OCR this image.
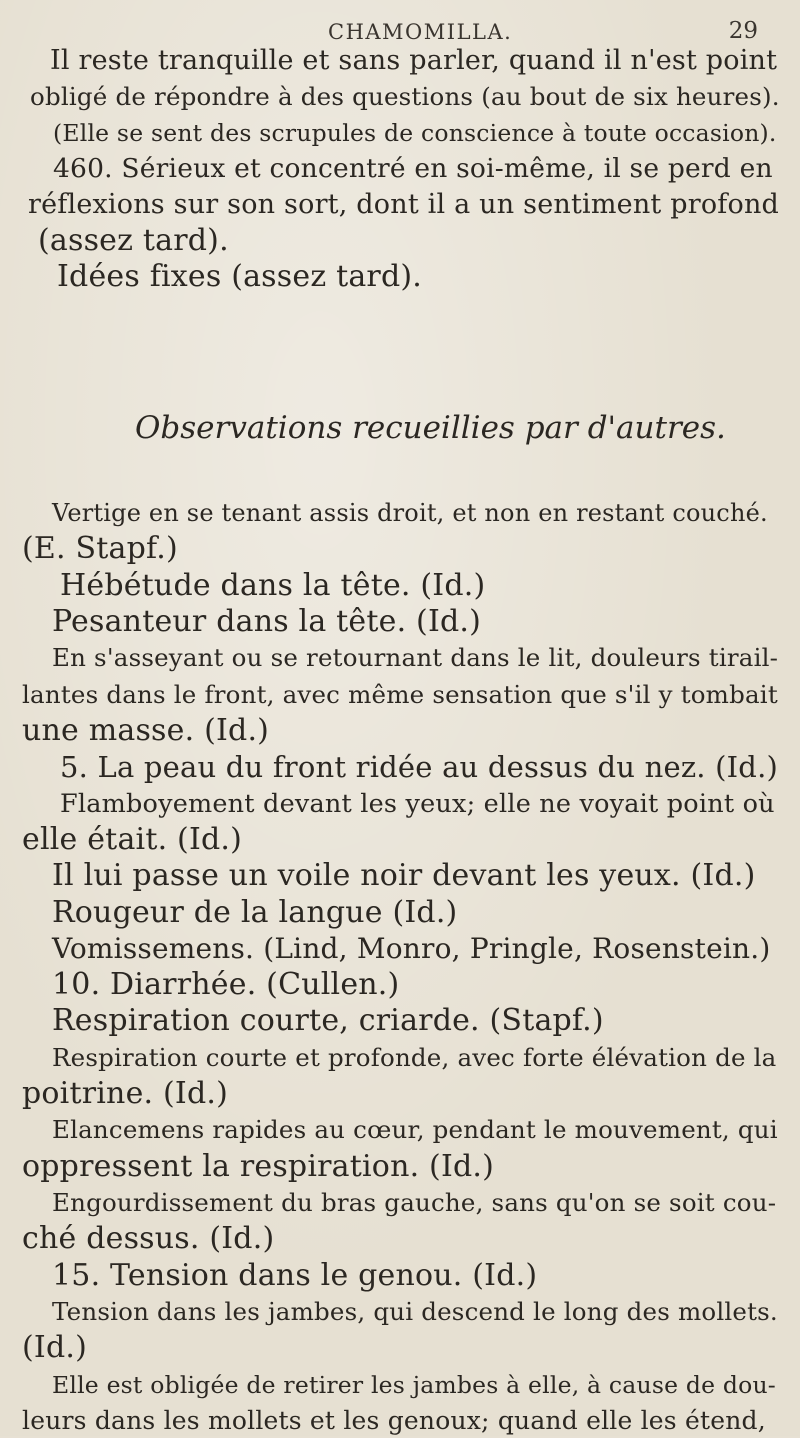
CHAMOMILLA.	29
Il reste tranquille et sans parler, quand il n'est point
obligé de répondre à des questions (au bout de six heures).
(Elle se sent des scrupules de conscience à toute occasion).
460. Sérieux et concentré en soi-même, il se perd en
réflexions sur son sort, dont il a un sentiment profond
(assez tard).
Idées fixes (assez tard).
Observations recueillies par d'autres.
Vertige en se tenant assis droit, et non en restant couché.
(E. Stapf.)
Hébétude dans la tête. (Id.)
Pesanteur dans la tête. (Id.)
En s'asseyant ou se retournant dans le lit, douleurs tirail-
lantes dans le front, avec même sensation que s'il y tombait
une masse. (Id.)
5. La peau du front ridée au dessus du nez. (Id.)
Flamboyement devant les yeux; elle ne voyait point où
elle était. (Id.)
Il lui passe un voile noir devant les yeux. (Id.)
Rougeur de la langue (Id.)
Vomissemens. (Lind, Monro, Pringle, Rosenstein.)
10. Diarrhée. (Cullen.)
Respiration courte, criarde. (Stapf.)
Respiration courte et profonde, avec forte élévation de la
poitrine. (Id.)
Elancemens rapides au cœur, pendant le mouvement, qui
oppressent la respiration. (Id.)
Engourdissement du bras gauche, sans qu'on se soit cou-
ché dessus. (Id.)
15. Tension dans le genou. (Id.)
Tension dans les jambes, qui descend le long des mollets.
(Id.)
Elle est obligée de retirer les jambes à elle, à cause de dou-
leurs dans les mollets et les genoux; quand elle les étend,
